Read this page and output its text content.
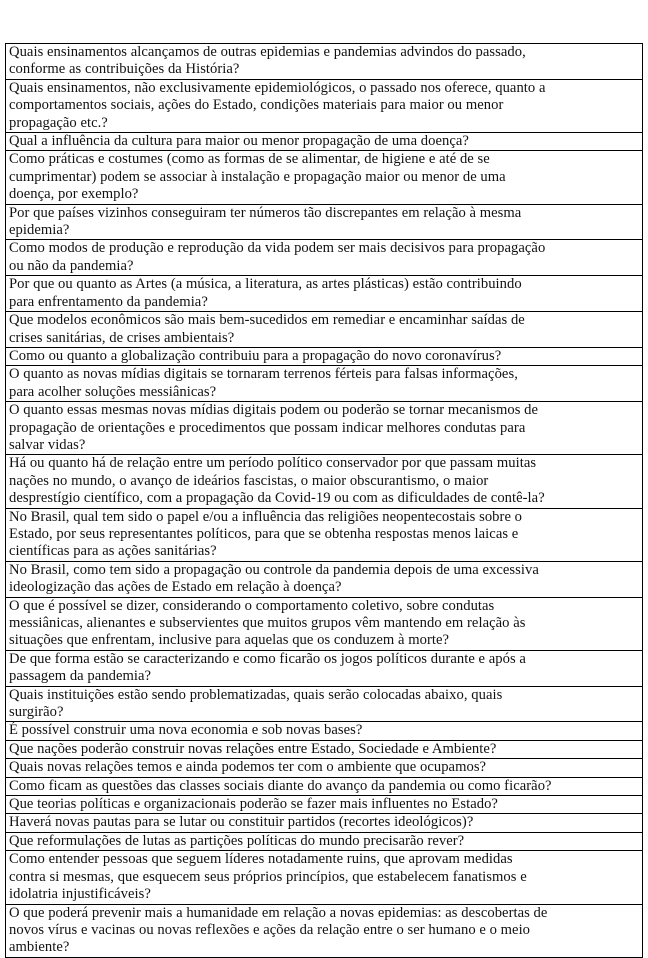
Quais ensinamentos alcançamos de outras epidemias e pandemias advindos do passado,
conforme as contribuições da História?
Quais ensinamentos, não exclusivamente epidemiológicos, o passado nos oferece, quanto a
comportamentos sociais, ações do Estado, condições materiais para maior ou menor
propagação etc.?
Qual a influência da cultura para maior ou menor propagação de uma doença?
Como práticas e costumes (como as formas de se alimentar, de higiene e até de se
cumprimentar) podem se associar à instalação e propagação maior ou menor de uma
doença, por exemplo?
Por que países vizinhos conseguiram ter números tão discrepantes em relação à mesma
epidemia?
Como modos de produção e reprodução da vida podem ser mais decisivos para propagação
ou não da pandemia?
Por que ou quanto as Artes (a música, a literatura, as artes plásticas) estão contribuindo
para enfrentamento da pandemia?
Que modelos econômicos são mais bem-sucedidos em remediar e encaminhar saídas de
crises sanitárias, de crises ambientais?
Como ou quanto a globalização contribuiu para a propagação do novo coronavírus?
O quanto as novas mídias digitais se tornaram terrenos férteis para falsas informações,
para acolher soluções messiânicas?
O quanto essas mesmas novas mídias digitais podem ou poderão se tornar mecanismos de
propagação de orientações e procedimentos que possam indicar melhores condutas para
salvar vidas?
Há ou quanto há de relação entre um período político conservador por que passam muitas
nações no mundo, o avanço de ideários fascistas, o maior obscurantismo, o maior
desprestígio científico, com a propagação da Covid-19 ou com as dificuldades de contê-la?
No Brasil, qual tem sido o papel e/ou a influência das religiões neopentecostais sobre o
Estado, por seus representantes políticos, para que se obtenha respostas menos laicas e
científicas para as ações sanitárias?
No Brasil, como tem sido a propagação ou controle da pandemia depois de uma excessiva
ideologização das ações de Estado em relação à doença?
O que é possível se dizer, considerando o comportamento coletivo, sobre condutas
messiânicas, alienantes e subservientes que muitos grupos vêm mantendo em relação às
situações que enfrentam, inclusive para aquelas que os conduzem à morte?
De que forma estão se caracterizando e como ficarão os jogos políticos durante e após a
passagem da pandemia?
Quais instituições estão sendo problematizadas, quais serão colocadas abaixo, quais
surgirão?
É possível construir uma nova economia e sob novas bases?
Que nações poderão construir novas relações entre Estado, Sociedade e Ambiente?
Quais novas relações temos e ainda podemos ter com o ambiente que ocupamos?
Como ficam as questões das classes sociais diante do avanço da pandemia ou como ficarão?
Que teorias políticas e organizacionais poderão se fazer mais influentes no Estado?
Haverá novas pautas para se lutar ou constituir partidos (recortes ideológicos)?
Que reformulações de lutas as partições políticas do mundo precisarão rever?
Como entender pessoas que seguem líderes notadamente ruins, que aprovam medidas
contra si mesmas, que esquecem seus próprios princípios, que estabelecem fanatismos e
idolatria injustificáveis?
O que poderá prevenir mais a humanidade em relação a novas epidemias: as descobertas de
novos vírus e vacinas ou novas reflexões e ações da relação entre o ser humano e o meio
ambiente?
